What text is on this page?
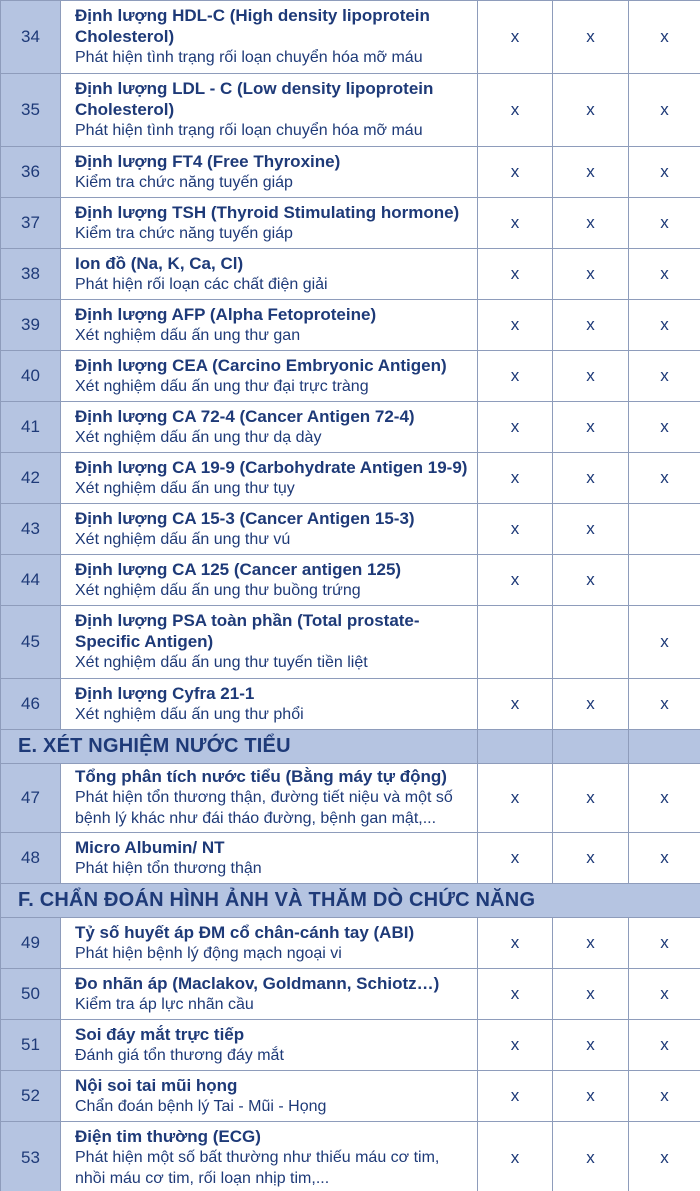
34	Định lượng HDL-C (High density lipoprotein Cholesterol)
Phát hiện tình trạng rối loạn chuyển hóa mỡ máu	x	x	x
35	Định lượng LDL - C (Low density lipoprotein Cholesterol)
Phát hiện tình trạng rối loạn chuyển hóa mỡ máu	x	x	x
36	Định lượng FT4 (Free Thyroxine)
Kiểm tra chức năng tuyến giáp	x	x	x
37	Định lượng TSH (Thyroid Stimulating hormone)
Kiểm tra chức năng tuyến giáp	x	x	x
38	Ion đồ (Na, K, Ca, Cl)
Phát hiện rối loạn các chất điện giải	x	x	x
39	Định lượng AFP (Alpha Fetoproteine)
Xét nghiệm dấu ấn ung thư gan	x	x	x
40	Định lượng CEA (Carcino Embryonic Antigen)
Xét nghiệm dấu ấn ung thư đại trực tràng	x	x	x
41	Định lượng CA 72-4 (Cancer Antigen 72-4)
Xét nghiệm dấu ấn ung thư dạ dày	x	x	x
42	Định lượng CA 19-9 (Carbohydrate Antigen 19-9)
Xét nghiệm dấu ấn ung thư tụy	x	x	x
43	Định lượng CA 15-3 (Cancer Antigen 15-3)
Xét nghiệm dấu ấn ung thư vú	x	x	
44	Định lượng CA 125 (Cancer antigen 125)
Xét nghiệm dấu ấn ung thư buồng trứng	x	x	
45	Định lượng PSA toàn phần (Total prostate-Specific Antigen)
Xét nghiệm dấu ấn ung thư tuyến tiền liệt			x
46	Định lượng Cyfra 21-1
Xét nghiệm dấu ấn ung thư phổi	x	x	x
E. XÉT NGHIỆM NƯỚC TIỂU				
47	Tổng phân tích nước tiểu (Bằng máy tự động)
Phát hiện tổn thương thận, đường tiết niệu và một số bệnh lý khác như đái tháo đường, bệnh gan mật,...	x	x	x
48	Micro Albumin/ NT
Phát hiện tổn thương thận	x	x	x
F. CHẨN ĐOÁN HÌNH ẢNH VÀ THĂM DÒ CHỨC NĂNG				
49	Tỷ số huyết áp ĐM cổ chân-cánh tay (ABI)
Phát hiện bệnh lý động mạch ngoại vi	x	x	x
50	Đo nhãn áp (Maclakov, Goldmann, Schiotz…)
Kiểm tra áp lực nhãn cầu	x	x	x
51	Soi đáy mắt trực tiếp
Đánh giá tổn thương đáy mắt	x	x	x
52	Nội soi tai mũi họng
Chẩn đoán bệnh lý Tai - Mũi - Họng	x	x	x
53	Điện tim thường (ECG)
Phát hiện một số bất thường như thiếu máu cơ tim, nhồi máu cơ tim, rối loạn nhịp tim,...	x	x	x
